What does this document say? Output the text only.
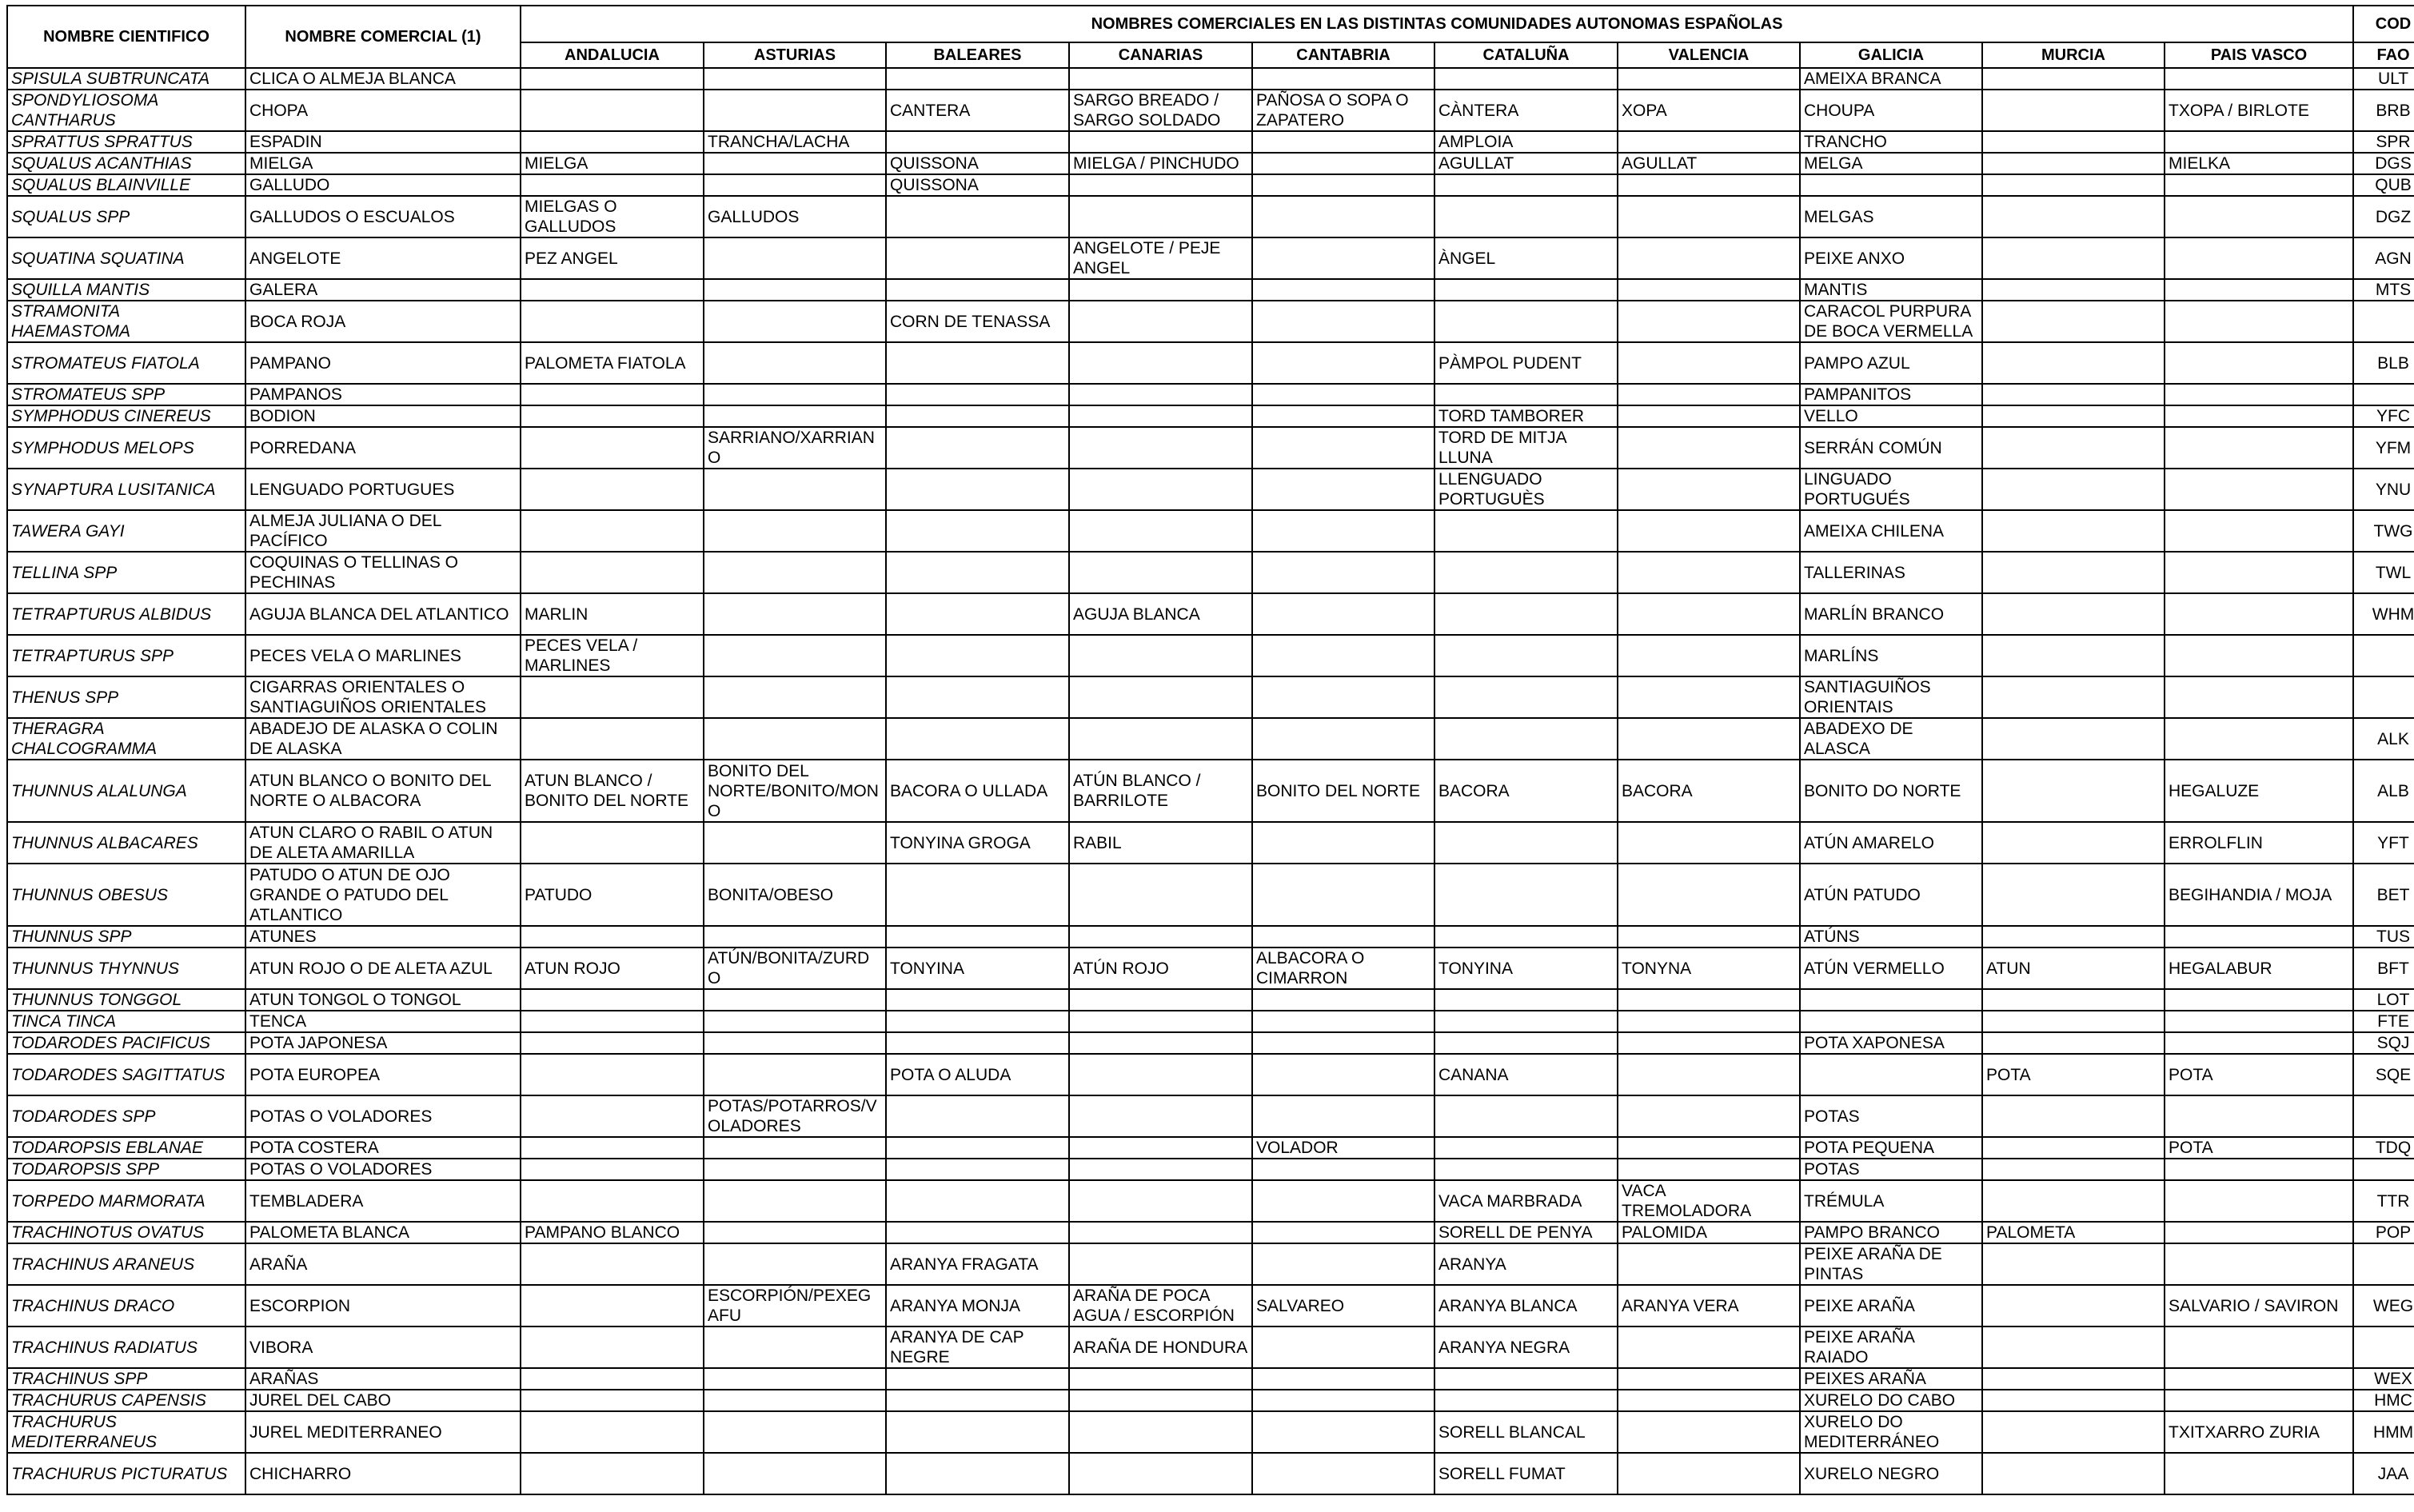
NOMBRE CIENTIFICO	NOMBRE COMERCIAL (1)	NOMBRES COMERCIALES EN LAS DISTINTAS COMUNIDADES AUTONOMAS ESPAÑOLAS										COD
		ANDALUCIA	ASTURIAS	BALEARES	CANARIAS	CANTABRIA	CATALUÑA	VALENCIA	GALICIA	MURCIA	PAIS VASCO	FAO
SPISULA SUBTRUNCATA	CLICA O ALMEJA BLANCA								AMEIXA BRANCA			ULT
SPONDYLIOSOMA CANTHARUS	CHOPA			CANTERA	SARGO BREADO / SARGO SOLDADO	PAÑOSA O SOPA O ZAPATERO	CÀNTERA	XOPA	CHOUPA		TXOPA / BIRLOTE	BRB
SPRATTUS SPRATTUS	ESPADIN		TRANCHA/LACHA				AMPLOIA		TRANCHO			SPR
SQUALUS ACANTHIAS	MIELGA	MIELGA		QUISSONA	MIELGA / PINCHUDO		AGULLAT	AGULLAT	MELGA		MIELKA	DGS
SQUALUS BLAINVILLE	GALLUDO			QUISSONA								QUB
SQUALUS SPP	GALLUDOS O ESCUALOS	MIELGAS O GALLUDOS	GALLUDOS						MELGAS			DGZ
SQUATINA SQUATINA	ANGELOTE	PEZ ANGEL			ANGELOTE / PEJE ANGEL		ÀNGEL		PEIXE ANXO			AGN
SQUILLA MANTIS	GALERA								MANTIS			MTS
STRAMONITA HAEMASTOMA	BOCA ROJA			CORN DE TENASSA					CARACOL PURPURA DE BOCA VERMELLA			
STROMATEUS FIATOLA	PAMPANO	PALOMETA FIATOLA					PÀMPOL PUDENT		PAMPO AZUL			BLB
STROMATEUS SPP	PAMPANOS								PAMPANITOS			
SYMPHODUS CINEREUS	BODION						TORD TAMBORER		VELLO			YFC
SYMPHODUS MELOPS	PORREDANA		SARRIANO/XARRIANO				TORD DE MITJA LLUNA		SERRÁN COMÚN			YFM
SYNAPTURA LUSITANICA	LENGUADO PORTUGUES						LLENGUADO PORTUGUÈS		LINGUADO PORTUGUÉS			YNU
TAWERA GAYI	ALMEJA JULIANA O DEL PACÍFICO								AMEIXA CHILENA			TWG
TELLINA SPP	COQUINAS O TELLINAS O PECHINAS								TALLERINAS			TWL
TETRAPTURUS ALBIDUS	AGUJA BLANCA DEL ATLANTICO	MARLIN			AGUJA BLANCA				MARLÍN BRANCO			WHM
TETRAPTURUS SPP	PECES VELA O MARLINES	PECES VELA / MARLINES							MARLÍNS			
THENUS SPP	CIGARRAS ORIENTALES O SANTIAGUIÑOS ORIENTALES								SANTIAGUIÑOS ORIENTAIS			
THERAGRA CHALCOGRAMMA	ABADEJO DE ALASKA O COLIN DE ALASKA								ABADEXO DE ALASCA			ALK
THUNNUS ALALUNGA	ATUN BLANCO O BONITO DEL NORTE O ALBACORA	ATUN BLANCO / BONITO DEL NORTE	BONITO DEL NORTE/BONITO/MONO	BACORA O ULLADA	ATÚN BLANCO / BARRILOTE	BONITO DEL NORTE	BACORA	BACORA	BONITO DO NORTE		HEGALUZE	ALB
THUNNUS ALBACARES	ATUN CLARO O RABIL O ATUN DE ALETA AMARILLA			TONYINA GROGA	RABIL				ATÚN AMARELO		ERROLFLIN	YFT
THUNNUS OBESUS	PATUDO O ATUN DE OJO GRANDE O PATUDO DEL ATLANTICO	PATUDO	BONITA/OBESO						ATÚN PATUDO		BEGIHANDIA / MOJA	BET
THUNNUS SPP	ATUNES								ATÚNS			TUS
THUNNUS THYNNUS	ATUN ROJO O DE ALETA AZUL	ATUN ROJO	ATÚN/BONITA/ZURDO	TONYINA	ATÚN ROJO	ALBACORA O CIMARRON	TONYINA	TONYNA	ATÚN VERMELLO	ATUN	HEGALABUR	BFT
THUNNUS TONGGOL	ATUN TONGOL O TONGOL											LOT
TINCA TINCA	TENCA											FTE
TODARODES PACIFICUS	POTA JAPONESA								POTA XAPONESA			SQJ
TODARODES SAGITTATUS	POTA EUROPEA			POTA O ALUDA			CANANA			POTA	POTA	SQE
TODARODES SPP	POTAS O VOLADORES		POTAS/POTARROS/VOLADORES						POTAS			
TODAROPSIS EBLANAE	POTA COSTERA					VOLADOR			POTA PEQUENA		POTA	TDQ
TODAROPSIS SPP	POTAS O VOLADORES								POTAS			
TORPEDO MARMORATA	TEMBLADERA						VACA MARBRADA	VACA TREMOLADORA	TRÉMULA			TTR
TRACHINOTUS OVATUS	PALOMETA BLANCA	PAMPANO BLANCO					SORELL DE PENYA	PALOMIDA	PAMPO BRANCO	PALOMETA		POP
TRACHINUS ARANEUS	ARAÑA			ARANYA FRAGATA			ARANYA		PEIXE ARAÑA DE PINTAS			
TRACHINUS DRACO	ESCORPION		ESCORPIÓN/PEXEGAFU	ARANYA MONJA	ARAÑA DE POCA AGUA / ESCORPIÓN	SALVAREO	ARANYA BLANCA	ARANYA VERA	PEIXE ARAÑA		SALVARIO / SAVIRON	WEG
TRACHINUS RADIATUS	VIBORA			ARANYA DE CAP NEGRE	ARAÑA DE HONDURA		ARANYA NEGRA		PEIXE ARAÑA RAIADO			
TRACHINUS SPP	ARAÑAS								PEIXES ARAÑA			WEX
TRACHURUS CAPENSIS	JUREL DEL CABO								XURELO DO CABO			HMC
TRACHURUS MEDITERRANEUS	JUREL MEDITERRANEO						SORELL BLANCAL		XURELO DO MEDITERRÁNEO		TXITXARRO ZURIA	HMM
TRACHURUS PICTURATUS	CHICHARRO						SORELL FUMAT		XURELO NEGRO			JAA
